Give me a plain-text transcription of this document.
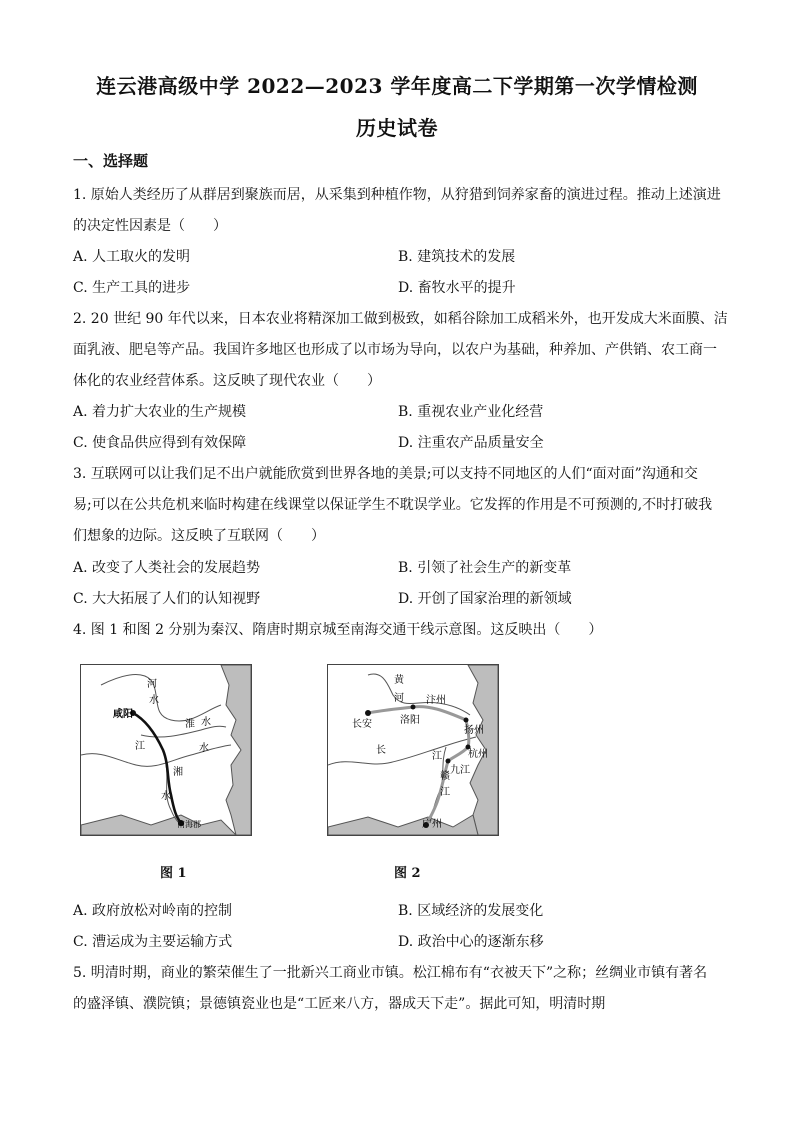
连云港高级中学 2022—2023 学年度高二下学期第一次学情检测
历史试卷
一、选择题
1. 原始人类经历了从群居到聚族而居，从采集到种植作物，从狩猎到饲养家畜的演进过程。推动上述演进
的决定性因素是（　　）
A. 人工取火的发明	B. 建筑技术的发展
C. 生产工具的进步	D. 畜牧水平的提升
2. 20 世纪 90 年代以来，日本农业将精深加工做到极致，如稻谷除加工成稻米外，也开发成大米面膜、洁
面乳液、肥皂等产品。我国许多地区也形成了以市场为导向，以农户为基础，种养加、产供销、农工商一
体化的农业经营体系。这反映了现代农业（　　）
A. 着力扩大农业的生产规模	B. 重视农业产业化经营
C. 使食品供应得到有效保障	D. 注重农产品质量安全
3. 互联网可以让我们足不出户就能欣赏到世界各地的美景;可以支持不同地区的人们“面对面”沟通和交
易;可以在公共危机来临时构建在线课堂以保证学生不耽误学业。它发挥的作用是不可预测的,不时打破我
们想象的边际。这反映了互联网（　　）
A. 改变了人类社会的发展趋势	B. 引领了社会生产的新变革
C. 大大拓展了人们的认知视野	D. 开创了国家治理的新领域
4. 图 1 和图 2 分别为秦汉、隋唐时期京城至南海交通干线示意图。这反映出（　　）
河
水
咸阳
淮 水
江	水
湘
水
南海郡
图 1
黄
河 汴州
长安	洛阳
扬州
长	杭州
江
九江
赣
江
广州
图 2
A. 政府放松对岭南的控制	B. 区域经济的发展变化
C. 漕运成为主要运输方式	D. 政治中心的逐渐东移
5. 明清时期，商业的繁荣催生了一批新兴工商业市镇。松江棉布有“衣被天下”之称；丝绸业市镇有著名
的盛泽镇、濮院镇；景德镇瓷业也是“工匠来八方，器成天下走”。据此可知，明清时期
